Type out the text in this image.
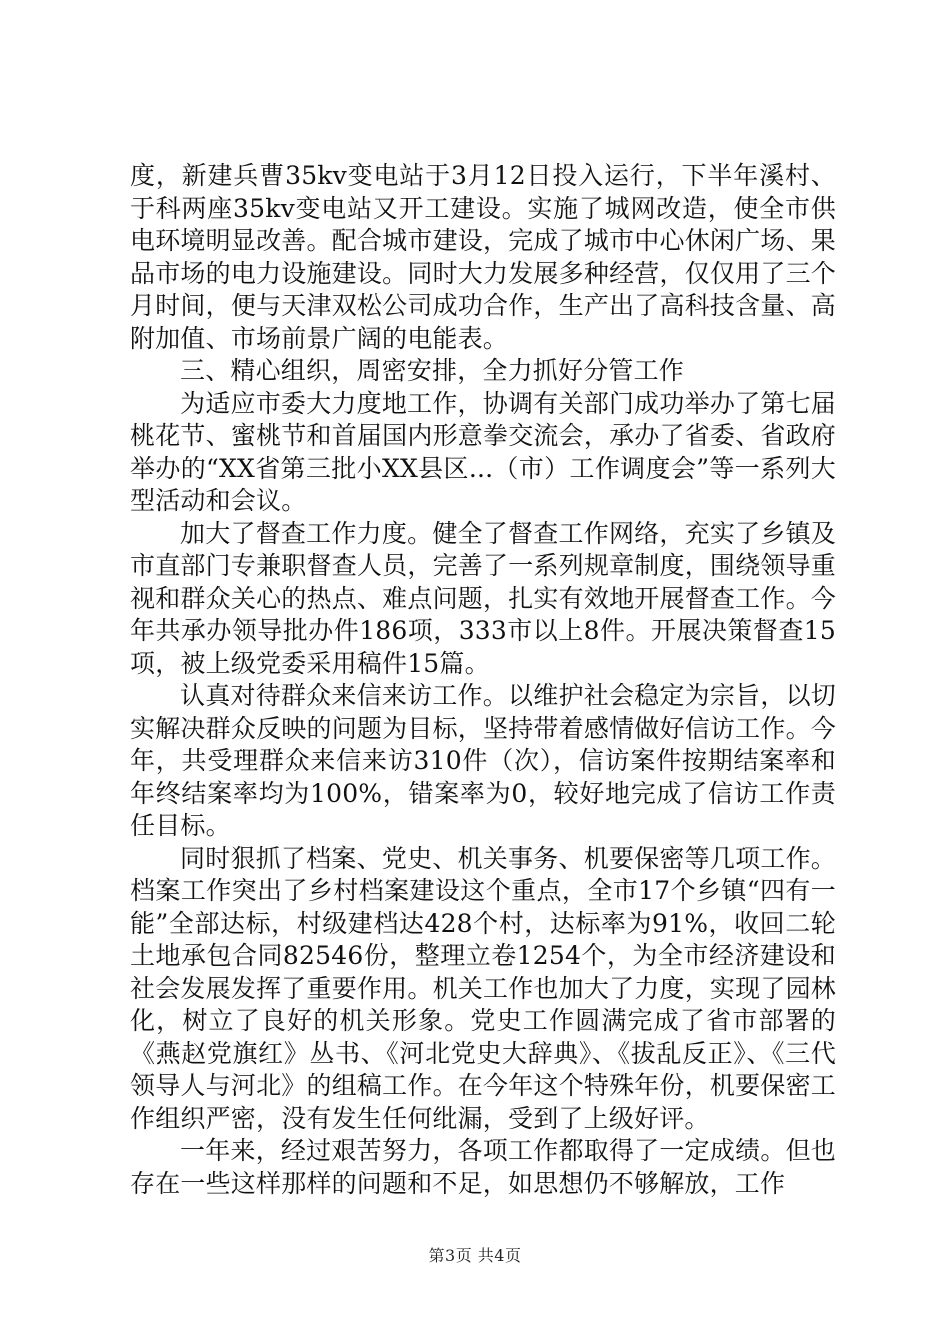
度，新建兵曹35kv变电站于3月12日投入运行，下半年溪村、于科两座35kv变电站又开工建设。实施了城网改造，使全市供电环境明显改善。配合城市建设，完成了城市中心休闲广场、果品市场的电力设施建设。同时大力发展多种经营，仅仅用了三个月时间，便与天津双松公司成功合作，生产出了高科技含量、高附加值、市场前景广阔的电能表。

三、精心组织，周密安排，全力抓好分管工作

为适应市委大力度地工作，协调有关部门成功举办了第七届桃花节、蜜桃节和首届国内形意拳交流会，承办了省委、省政府举办的“XX省第三批小XX县区...（市）工作调度会”等一系列大型活动和会议。

加大了督查工作力度。健全了督查工作网络，充实了乡镇及市直部门专兼职督查人员，完善了一系列规章制度，围绕领导重视和群众关心的热点、难点问题，扎实有效地开展督查工作。今年共承办领导批办件186项，333市以上8件。开展决策督查15项，被上级党委采用稿件15篇。

认真对待群众来信来访工作。以维护社会稳定为宗旨，以切实解决群众反映的问题为目标，坚持带着感情做好信访工作。今年，共受理群众来信来访310件（次），信访案件按期结案率和年终结案率均为100%，错案率为0，较好地完成了信访工作责任目标。

同时狠抓了档案、党史、机关事务、机要保密等几项工作。档案工作突出了乡村档案建设这个重点，全市17个乡镇“四有一能”全部达标，村级建档达428个村，达标率为91%，收回二轮土地承包合同82546份，整理立卷1254个，为全市经济建设和社会发展发挥了重要作用。机关工作也加大了力度，实现了园林化，树立了良好的机关形象。党史工作圆满完成了省市部署的《燕赵党旗红》丛书、《河北党史大辞典》、《拔乱反正》、《三代领导人与河北》的组稿工作。在今年这个特殊年份，机要保密工作组织严密，没有发生任何纰漏，受到了上级好评。

一年来，经过艰苦努力，各项工作都取得了一定成绩。但也存在一些这样那样的问题和不足，如思想仍不够解放，工作

第3页 共4页
